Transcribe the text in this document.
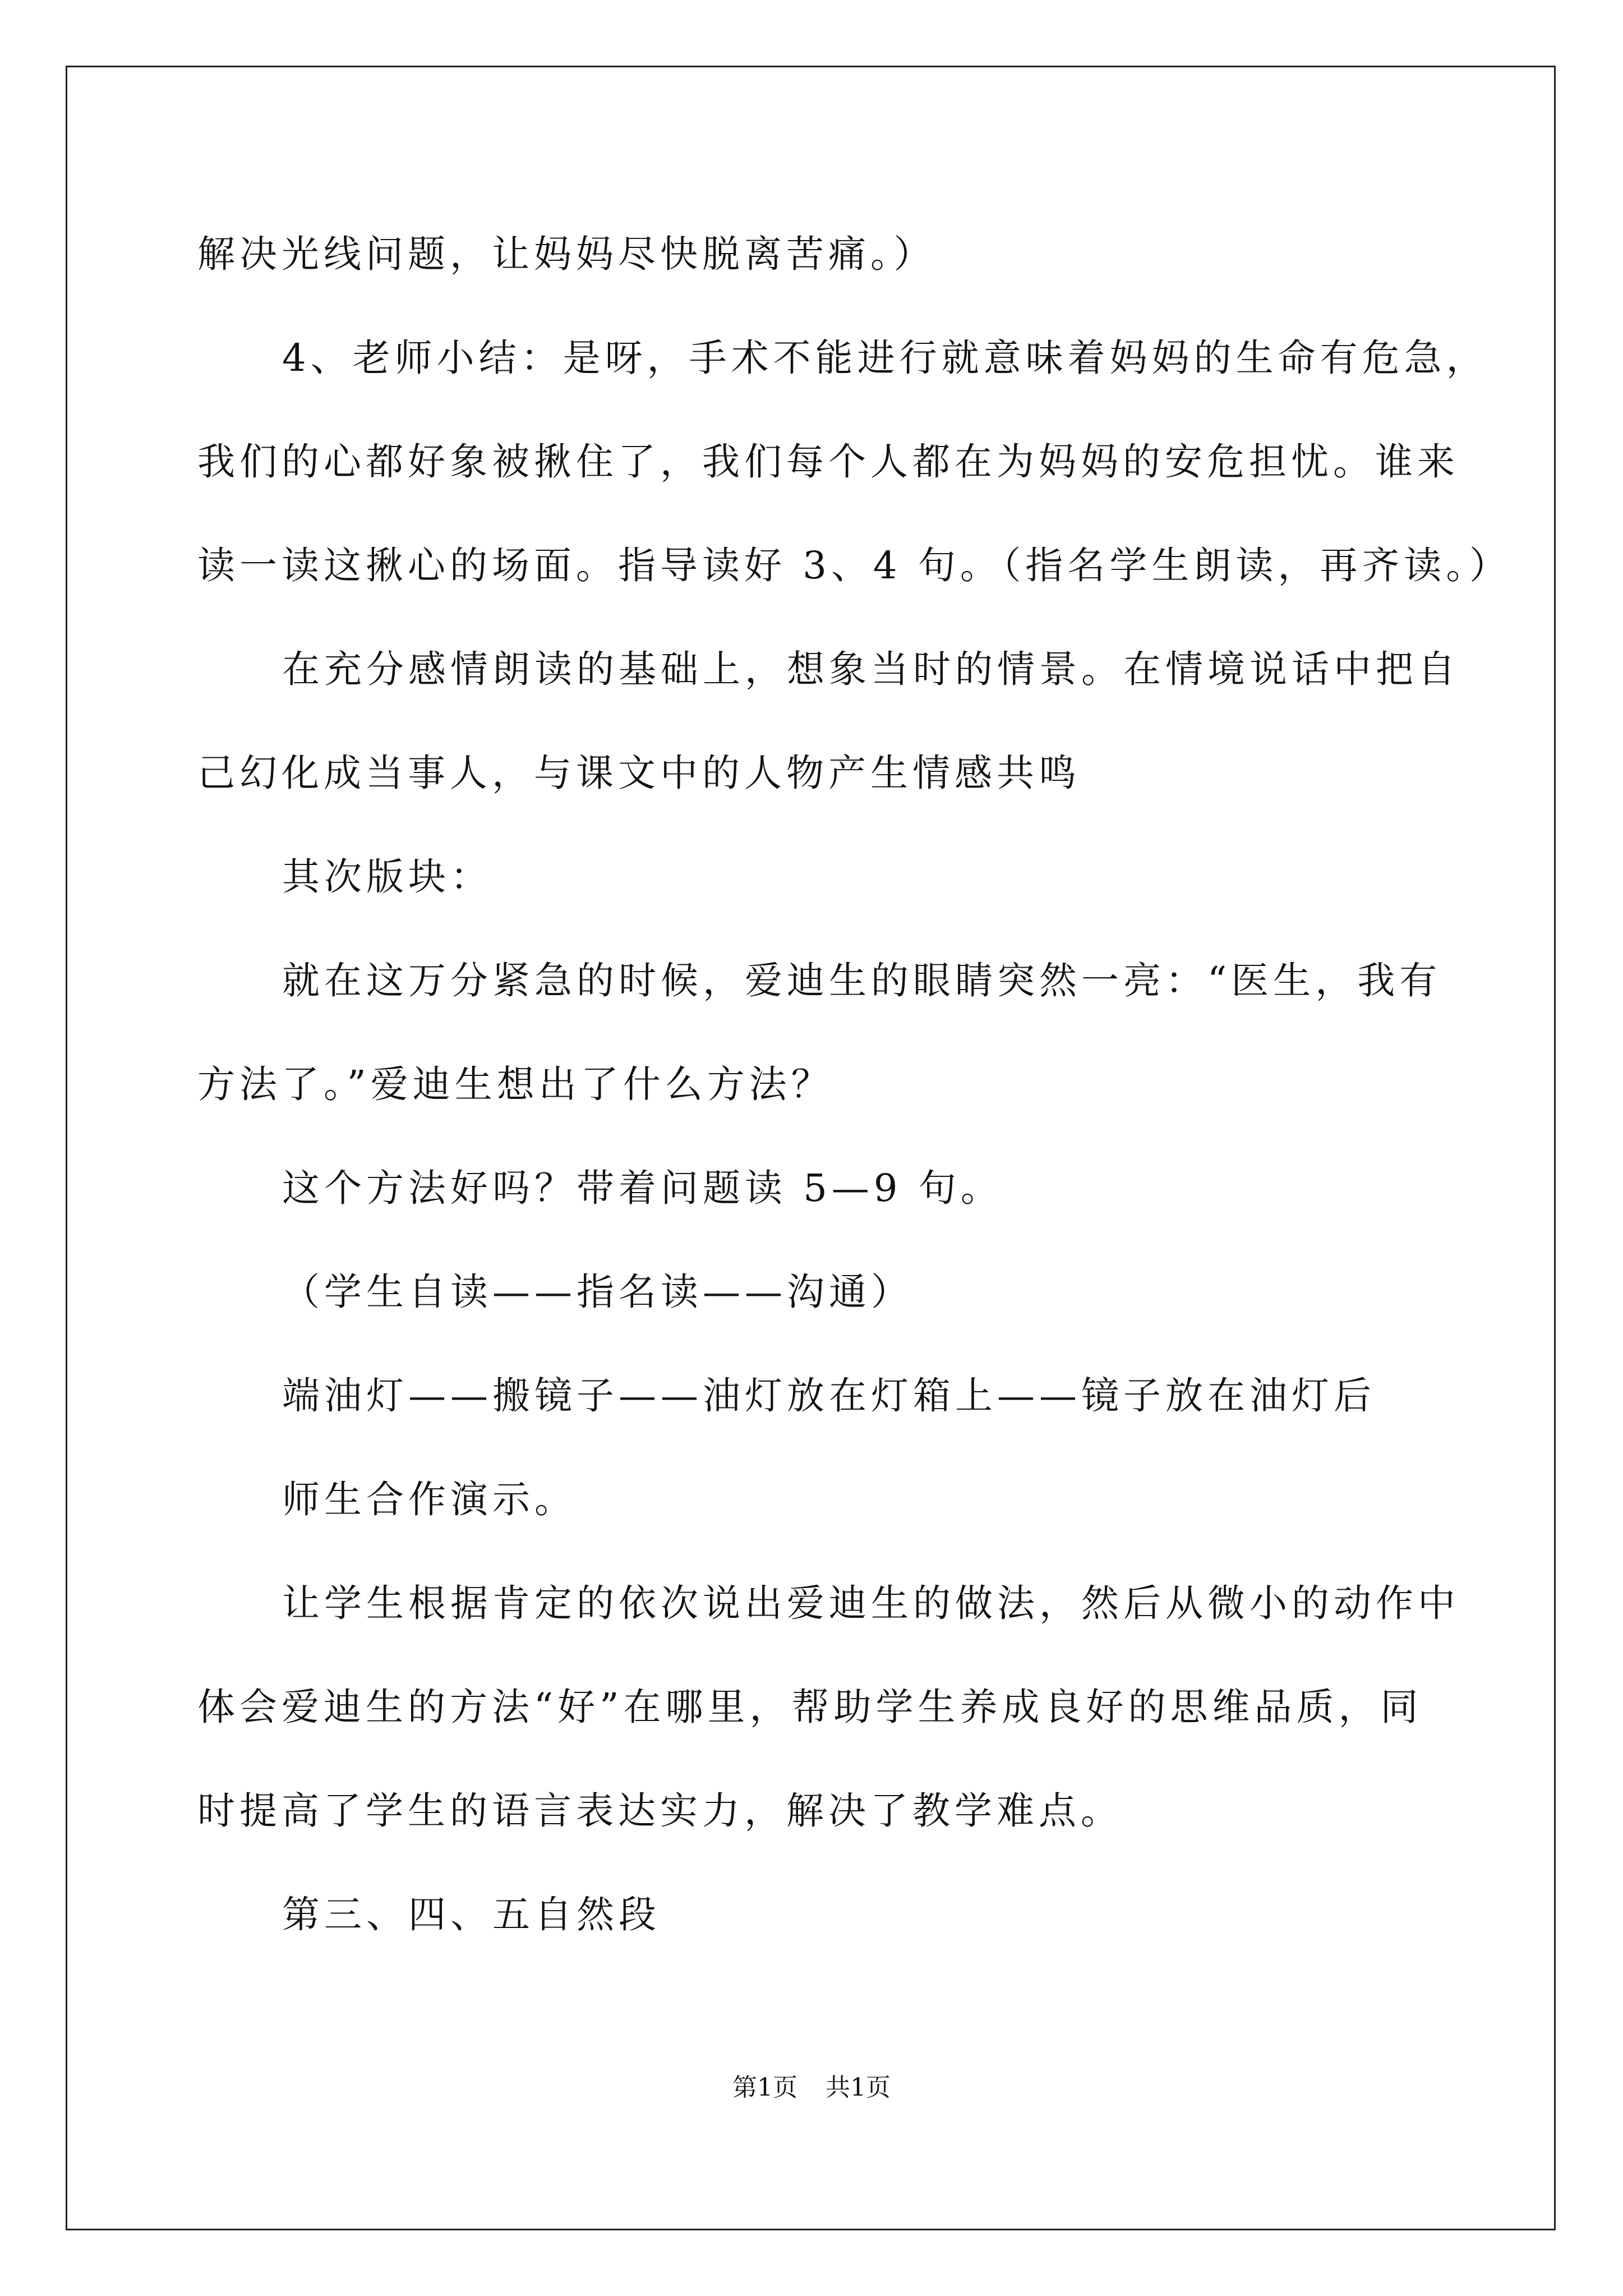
解决光线问题，让妈妈尽快脱离苦痛。）
4、老师小结：是呀，手术不能进行就意味着妈妈的生命有危急，
我们的心都好象被揪住了，我们每个人都在为妈妈的安危担忧。谁来
读一读这揪心的场面。指导读好 3、4 句。（指名学生朗读，再齐读。）
在充分感情朗读的基础上，想象当时的情景。在情境说话中把自
己幻化成当事人，与课文中的人物产生情感共鸣
其次版块：
就在这万分紧急的时候，爱迪生的眼睛突然一亮：“医生，我有
方法了。”爱迪生想出了什么方法？
这个方法好吗？带着问题读 5—9 句。
（学生自读——指名读——沟通）
端油灯——搬镜子——油灯放在灯箱上——镜子放在油灯后
师生合作演示。
让学生根据肯定的依次说出爱迪生的做法，然后从微小的动作中
体会爱迪生的方法“好”在哪里，帮助学生养成良好的思维品质，同
时提高了学生的语言表达实力，解决了教学难点。
第三、四、五自然段
第1页 共1页
